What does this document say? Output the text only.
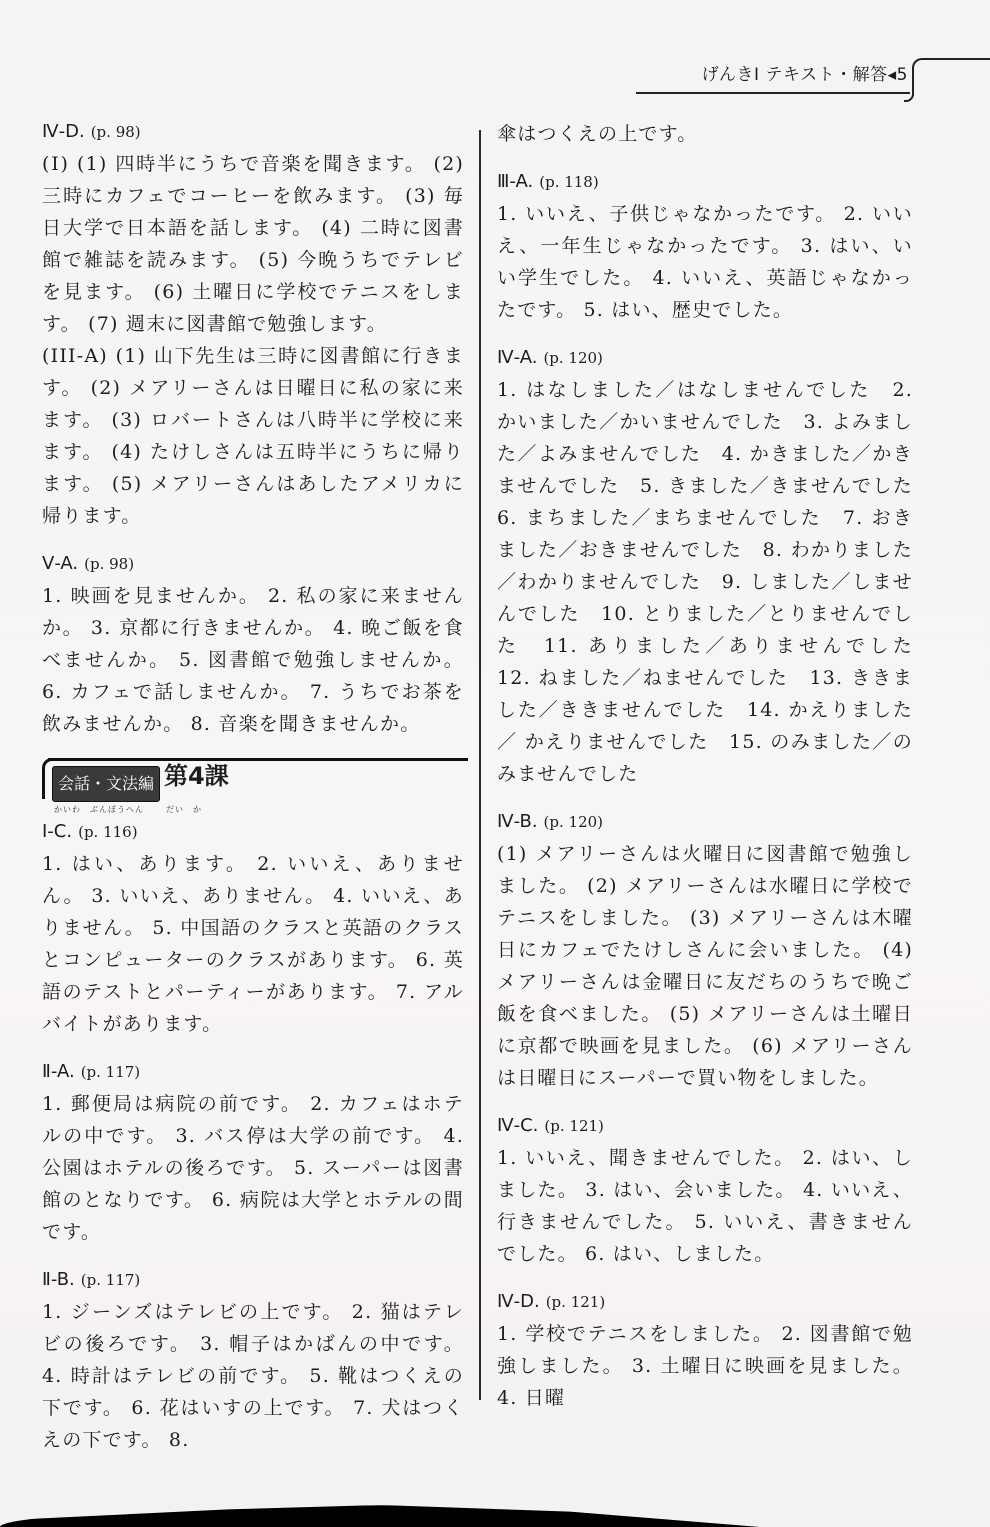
げんきⅠ テキスト・解答◂5
Ⅳ-D. (p. 98)
(Ⅰ) (1) 四時半にうちで音楽を聞きます。 (2) 三時にカフェでコーヒーを飲みます。 (3) 毎日大学で日本語を話します。 (4) 二時に図書館で雑誌を読みます。 (5) 今晩うちでテレビを見ます。 (6) 土曜日に学校でテニスをします。 (7) 週末に図書館で勉強します。
(III-A) (1) 山下先生は三時に図書館に行きます。 (2) メアリーさんは日曜日に私の家に来ます。 (3) ロバートさんは八時半に学校に来ます。 (4) たけしさんは五時半にうちに帰ります。 (5) メアリーさんはあしたアメリカに帰ります。
Ⅴ-A. (p. 98)
1. 映画を見ませんか。 2. 私の家に来ませんか。 3. 京都に行きませんか。 4. 晩ご飯を食べませんか。 5. 図書館で勉強しませんか。 6. カフェで話しませんか。 7. うちでお茶を飲みませんか。 8. 音楽を聞きませんか。
会話・文法編
かいわ　ぶんぽうへん
第4課
だい　か
Ⅰ-C. (p. 116)
1. はい、あります。 2. いいえ、ありません。 3. いいえ、ありません。 4. いいえ、ありません。 5. 中国語のクラスと英語のクラスとコンピューターのクラスがあります。 6. 英語のテストとパーティーがあります。 7. アルバイトがあります。
Ⅱ-A. (p. 117)
1. 郵便局は病院の前です。 2. カフェはホテルの中です。 3. バス停は大学の前です。 4. 公園はホテルの後ろです。 5. スーパーは図書館のとなりです。 6. 病院は大学とホテルの間です。
Ⅱ-B. (p. 117)
1. ジーンズはテレビの上です。 2. 猫はテレビの後ろです。 3. 帽子はかばんの中です。 4. 時計はテレビの前です。 5. 靴はつくえの下です。 6. 花はいすの上です。 7. 犬はつくえの下です。 8.
傘はつくえの上です。
Ⅲ-A. (p. 118)
1. いいえ、子供じゃなかったです。 2. いいえ、一年生じゃなかったです。 3. はい、いい学生でした。 4. いいえ、英語じゃなかったです。 5. はい、歴史でした。
Ⅳ-A. (p. 120)
1. はなしました／はなしませんでした　2. かいました／かいませんでした　3. よみました／よみませんでした　4. かきました／かきませんでした　5. きました／きませんでした　6. まちました／まちませんでした　7. おきました／おきませんでした　8. わかりました／わかりませんでした　9. しました／しませんでした　10. とりました／とりませんでした　11. ありました／ありませんでした　12. ねました／ねませんでした　13. ききました／ききませんでした　14. かえりました／ かえりませんでした　15. のみました／のみませんでした
Ⅳ-B. (p. 120)
(1) メアリーさんは火曜日に図書館で勉強しました。 (2) メアリーさんは水曜日に学校でテニスをしました。 (3) メアリーさんは木曜日にカフェでたけしさんに会いました。 (4) メアリーさんは金曜日に友だちのうちで晩ご飯を食べました。 (5) メアリーさんは土曜日に京都で映画を見ました。 (6) メアリーさんは日曜日にスーパーで買い物をしました。
Ⅳ-C. (p. 121)
1. いいえ、聞きませんでした。 2. はい、しました。 3. はい、会いました。 4. いいえ、行きませんでした。 5. いいえ、書きませんでした。 6. はい、しました。
Ⅳ-D. (p. 121)
1. 学校でテニスをしました。 2. 図書館で勉強しました。 3. 土曜日に映画を見ました。 4. 日曜
